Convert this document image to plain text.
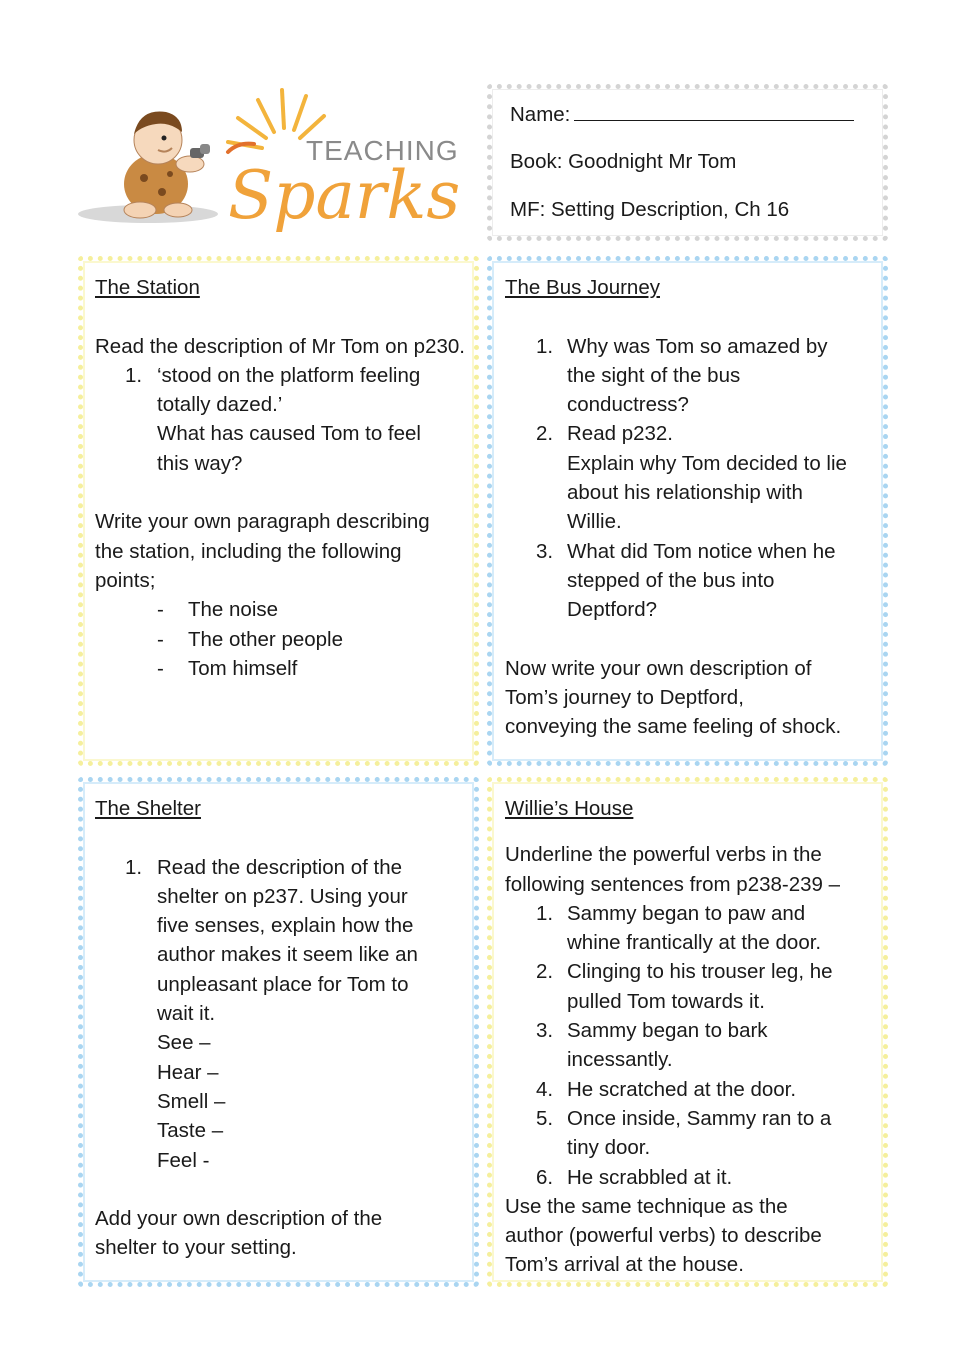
TEACHING
Sparks
Name:
Book: Goodnight Mr Tom
MF: Setting Description, Ch 16
The Station
Read the description of Mr Tom on p230.
1. ‘stood on the platform feeling
totally dazed.’
What has caused Tom to feel
this way?
Write your own paragraph describing the station, including the following points;
- The noise
- The other people
- Tom himself
The Bus Journey
1. Why was Tom so amazed by
the sight of the bus
conductress?
2. Read p232.
Explain why Tom decided to lie
about his relationship with
Willie.
3. What did Tom notice when he
stepped of the bus into
Deptford?
Now write your own description of
Tom’s journey to Deptford,
conveying the same feeling of shock.
The Shelter
1. Read the description of the
shelter on p237. Using your
five senses, explain how the
author makes it seem like an
unpleasant place for Tom to
wait it.
See –
Hear –
Smell –
Taste –
Feel -
Add your own description of the
shelter to your setting.
Willie’s House
Underline the powerful verbs in the
following sentences from p238-239 –
1. Sammy began to paw and
whine frantically at the door.
2. Clinging to his trouser leg, he
pulled Tom towards it.
3. Sammy began to bark
incessantly.
4. He scratched at the door.
5. Once inside, Sammy ran to a
tiny door.
6. He scrabbled at it.
Use the same technique as the
author (powerful verbs) to describe
Tom’s arrival at the house.
